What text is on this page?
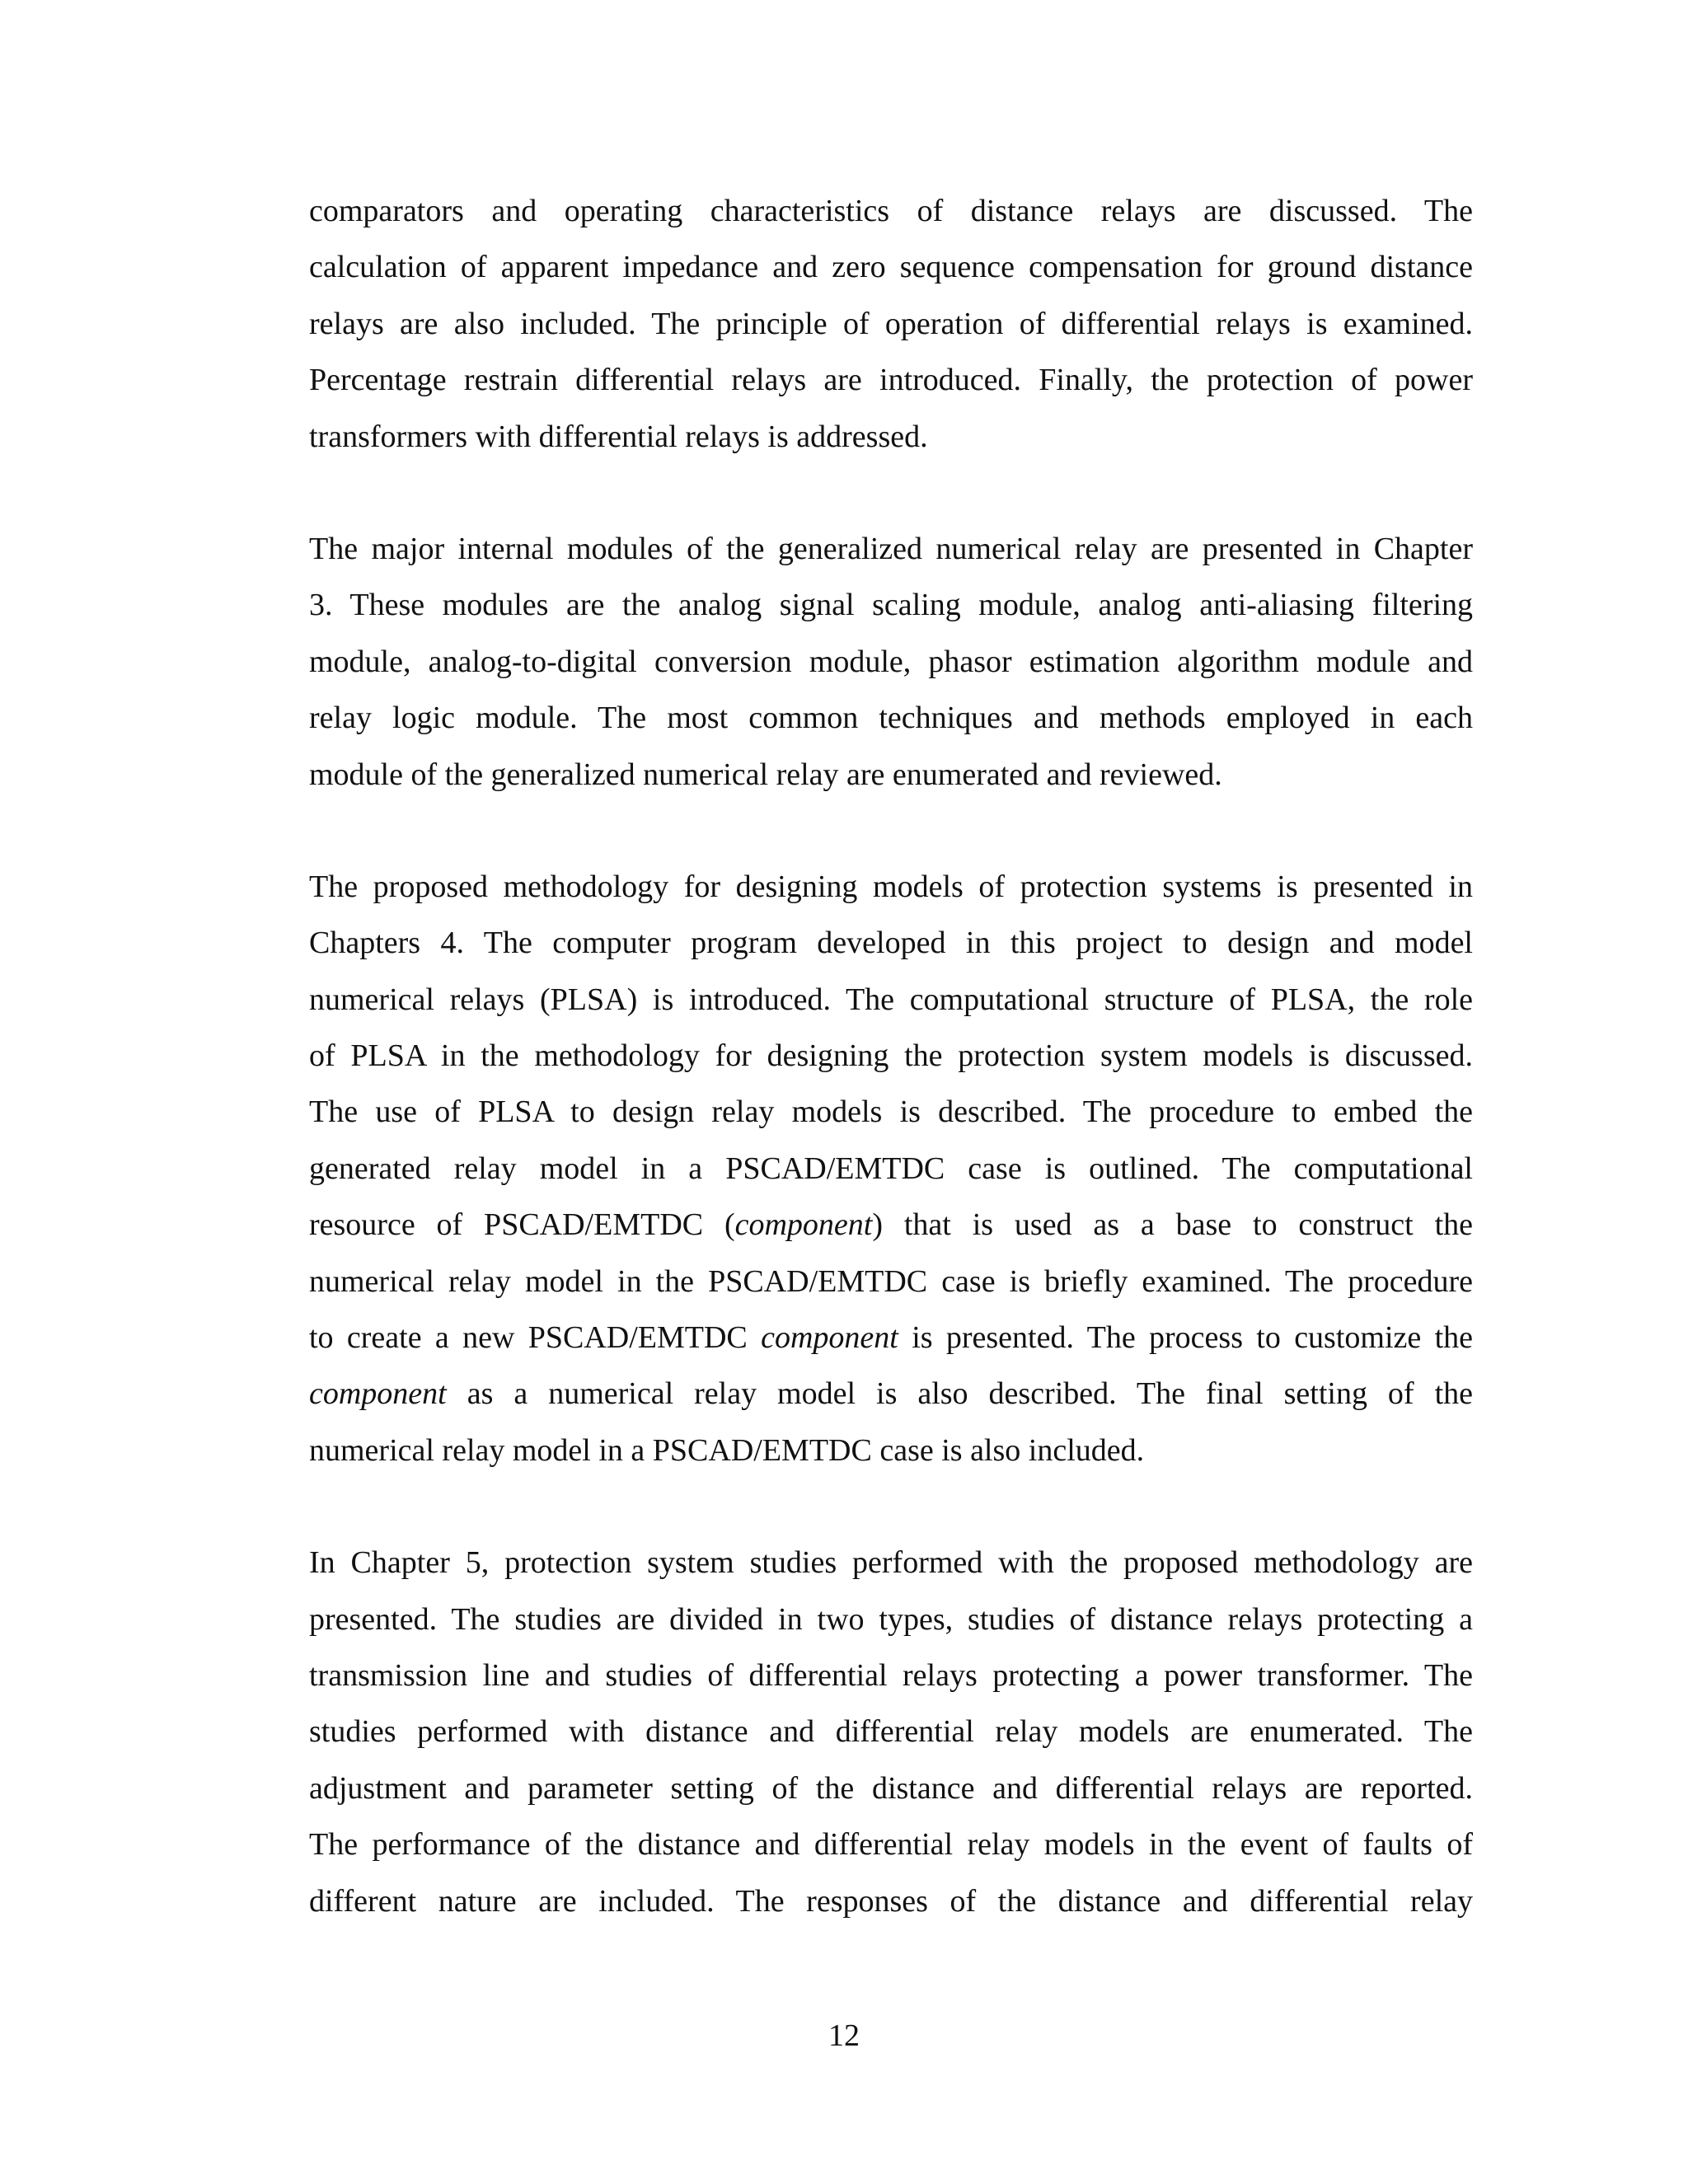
comparators and operating characteristics of distance relays are discussed. The
calculation of apparent impedance and zero sequence compensation for ground distance
relays are also included. The principle of operation of differential relays is examined.
Percentage restrain differential relays are introduced. Finally, the protection of power
transformers with differential relays is addressed.

The major internal modules of the generalized numerical relay are presented in Chapter
3. These modules are the analog signal scaling module, analog anti-aliasing filtering
module, analog-to-digital conversion module, phasor estimation algorithm module and
relay logic module. The most common techniques and methods employed in each
module of the generalized numerical relay are enumerated and reviewed.

The proposed methodology for designing models of protection systems is presented in
Chapters 4. The computer program developed in this project to design and model
numerical relays (PLSA) is introduced. The computational structure of PLSA, the role
of PLSA in the methodology for designing the protection system models is discussed.
The use of PLSA to design relay models is described. The procedure to embed the
generated relay model in a PSCAD/EMTDC case is outlined. The computational
resource of PSCAD/EMTDC (component) that is used as a base to construct the
numerical relay model in the PSCAD/EMTDC case is briefly examined. The procedure
to create a new PSCAD/EMTDC component is presented. The process to customize the
component as a numerical relay model is also described. The final setting of the
numerical relay model in a PSCAD/EMTDC case is also included.

In Chapter 5, protection system studies performed with the proposed methodology are
presented. The studies are divided in two types, studies of distance relays protecting a
transmission line and studies of differential relays protecting a power transformer. The
studies performed with distance and differential relay models are enumerated. The
adjustment and parameter setting of the distance and differential relays are reported.
The performance of the distance and differential relay models in the event of faults of
different nature are included. The responses of the distance and differential relay

12
